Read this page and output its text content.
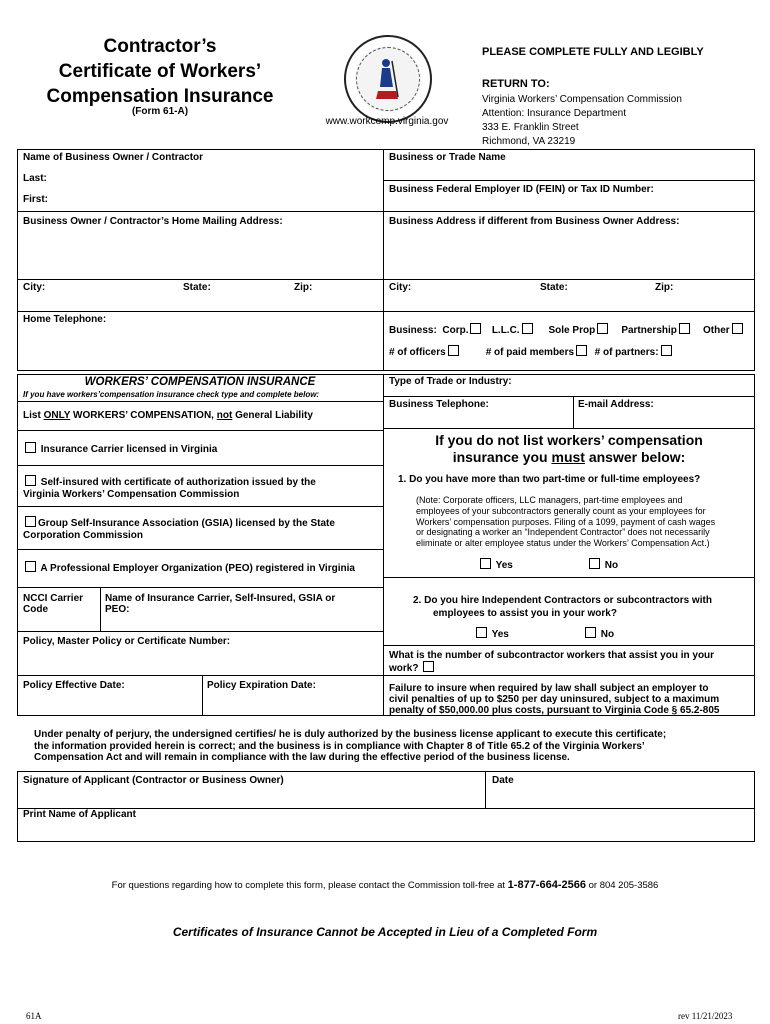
Contractor’s
Certificate of Workers’
Compensation Insurance
(Form 61-A)
www.workcomp.virginia.gov
PLEASE COMPLETE FULLY AND LEGIBLY
RETURN TO:
Virginia Workers’ Compensation Commission
Attention: Insurance Department
333 E. Franklin Street
Richmond, VA 23219
Name of Business Owner / Contractor
Last:
First:
Business Owner / Contractor’s Home Mailing Address:
City:	State:	Zip:
Home Telephone:
Business or Trade Name
Business Federal Employer ID (FEIN) or Tax ID Number:
Business Address if different from Business Owner Address:
City:	State:	Zip:
Business: Corp. L.L.C.	Sole Prop	Partnership	Other
# of officers	# of paid members # of partners:
WORKERS’ COMPENSATION INSURANCE
If you have workers’compensation insurance check type and complete below:
List ONLY WORKERS’ COMPENSATION, not General Liability
Insurance Carrier licensed in Virginia
Self-insured with certificate of authorization issued by the
Virginia Workers’ Compensation Commission
Group Self-Insurance Association (GSIA) licensed by the State
Corporation Commission
A Professional Employer Organization (PEO) registered in Virginia
NCCI Carrier
Code
Name of Insurance Carrier, Self-Insured, GSIA or
PEO:
Policy, Master Policy or Certificate Number:
Policy Effective Date:	Policy Expiration Date:
Type of Trade or Industry:
Business Telephone:	E-mail Address:
If you do not list workers’ compensation
insurance you must answer below:
1. Do you have more than two part-time or full-time employees?
(Note: Corporate officers, LLC managers, part-time employees and
employees of your subcontractors generally count as your employees for
Workers’ compensation purposes. Filing of a 1099, payment of cash wages
or designating a worker an “Independent Contractor” does not necessarily
eliminate or alter employee status under the Workers’ Compensation Act.)
Yes	No
2. Do you hire Independent Contractors or subcontractors with
employees to assist you in your work?
Yes	No
What is the number of subcontractor workers that assist you in your
work?
Failure to insure when required by law shall subject an employer to
civil penalties of up to $250 per day uninsured, subject to a maximum
penalty of $50,000.00 plus costs, pursuant to Virginia Code § 65.2-805
Under penalty of perjury, the undersigned certifies/ he is duly authorized by the business license applicant to execute this certificate;
the information provided herein is correct; and the business is in compliance with Chapter 8 of Title 65.2 of the Virginia Workers’
Compensation Act and will remain in compliance with the law during the effective period of the business license.
Signature of Applicant (Contractor or Business Owner)	Date
Print Name of Applicant
For questions regarding how to complete this form, please contact the Commission toll-free at 1-877-664-2566 or 804 205-3586
Certificates of Insurance Cannot be Accepted in Lieu of a Completed Form
61A	rev 11/21/2023
